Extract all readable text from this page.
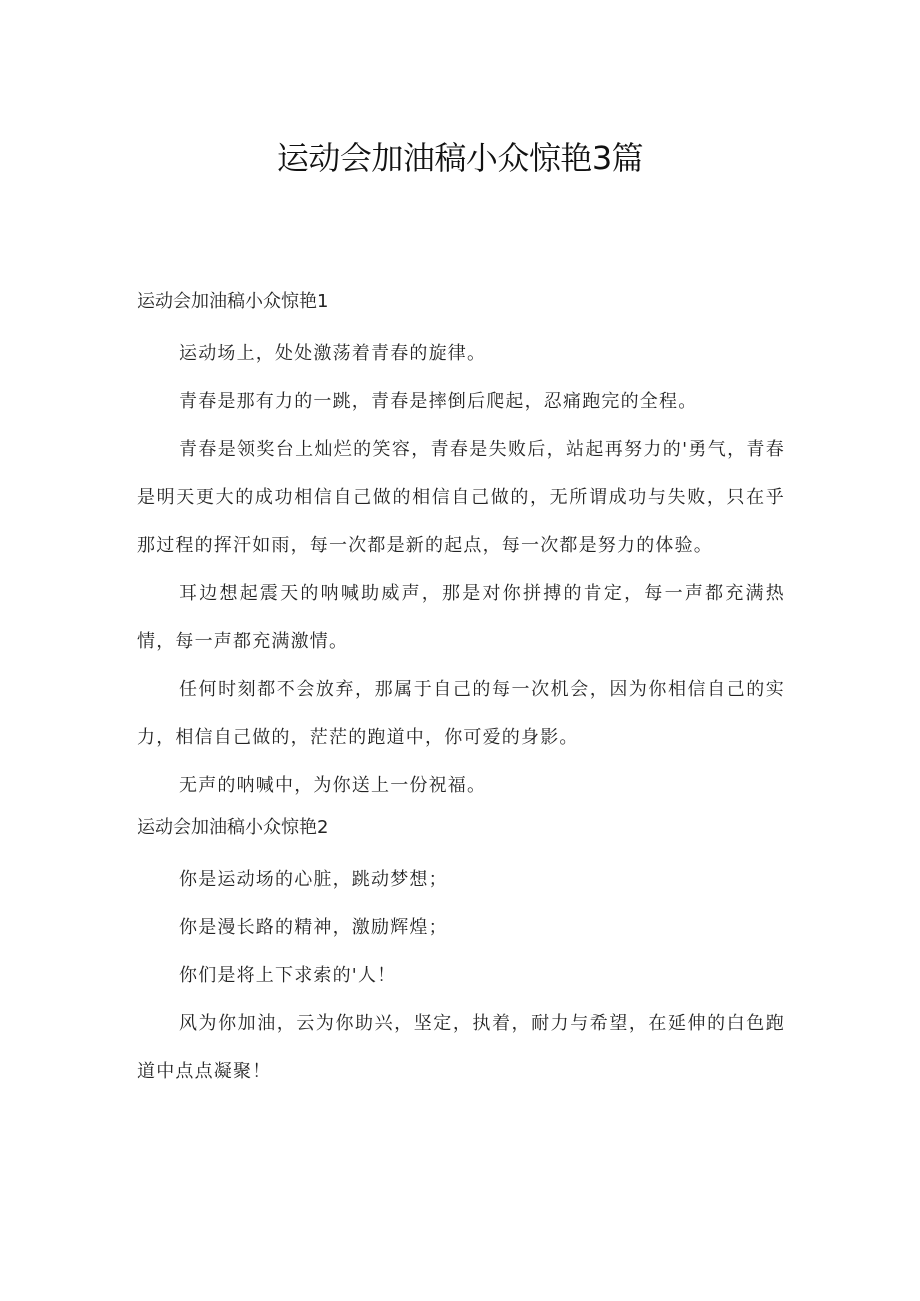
运动会加油稿小众惊艳3篇

运动会加油稿小众惊艳1

运动场上，处处激荡着青春的旋律。

青春是那有力的一跳，青春是摔倒后爬起，忍痛跑完的全程。

青春是领奖台上灿烂的笑容，青春是失败后，站起再努力的'勇气，青春是明天更大的成功相信自己做的相信自己做的，无所谓成功与失败，只在乎那过程的挥汗如雨，每一次都是新的起点，每一次都是努力的体验。

耳边想起震天的呐喊助威声，那是对你拼搏的肯定，每一声都充满热情，每一声都充满激情。

任何时刻都不会放弃，那属于自己的每一次机会，因为你相信自己的实力，相信自己做的，茫茫的跑道中，你可爱的身影。

无声的呐喊中，为你送上一份祝福。

运动会加油稿小众惊艳2

你是运动场的心脏，跳动梦想；

你是漫长路的精神，激励辉煌；

你们是将上下求索的'人！

风为你加油，云为你助兴，坚定，执着，耐力与希望，在延伸的白色跑道中点点凝聚！
